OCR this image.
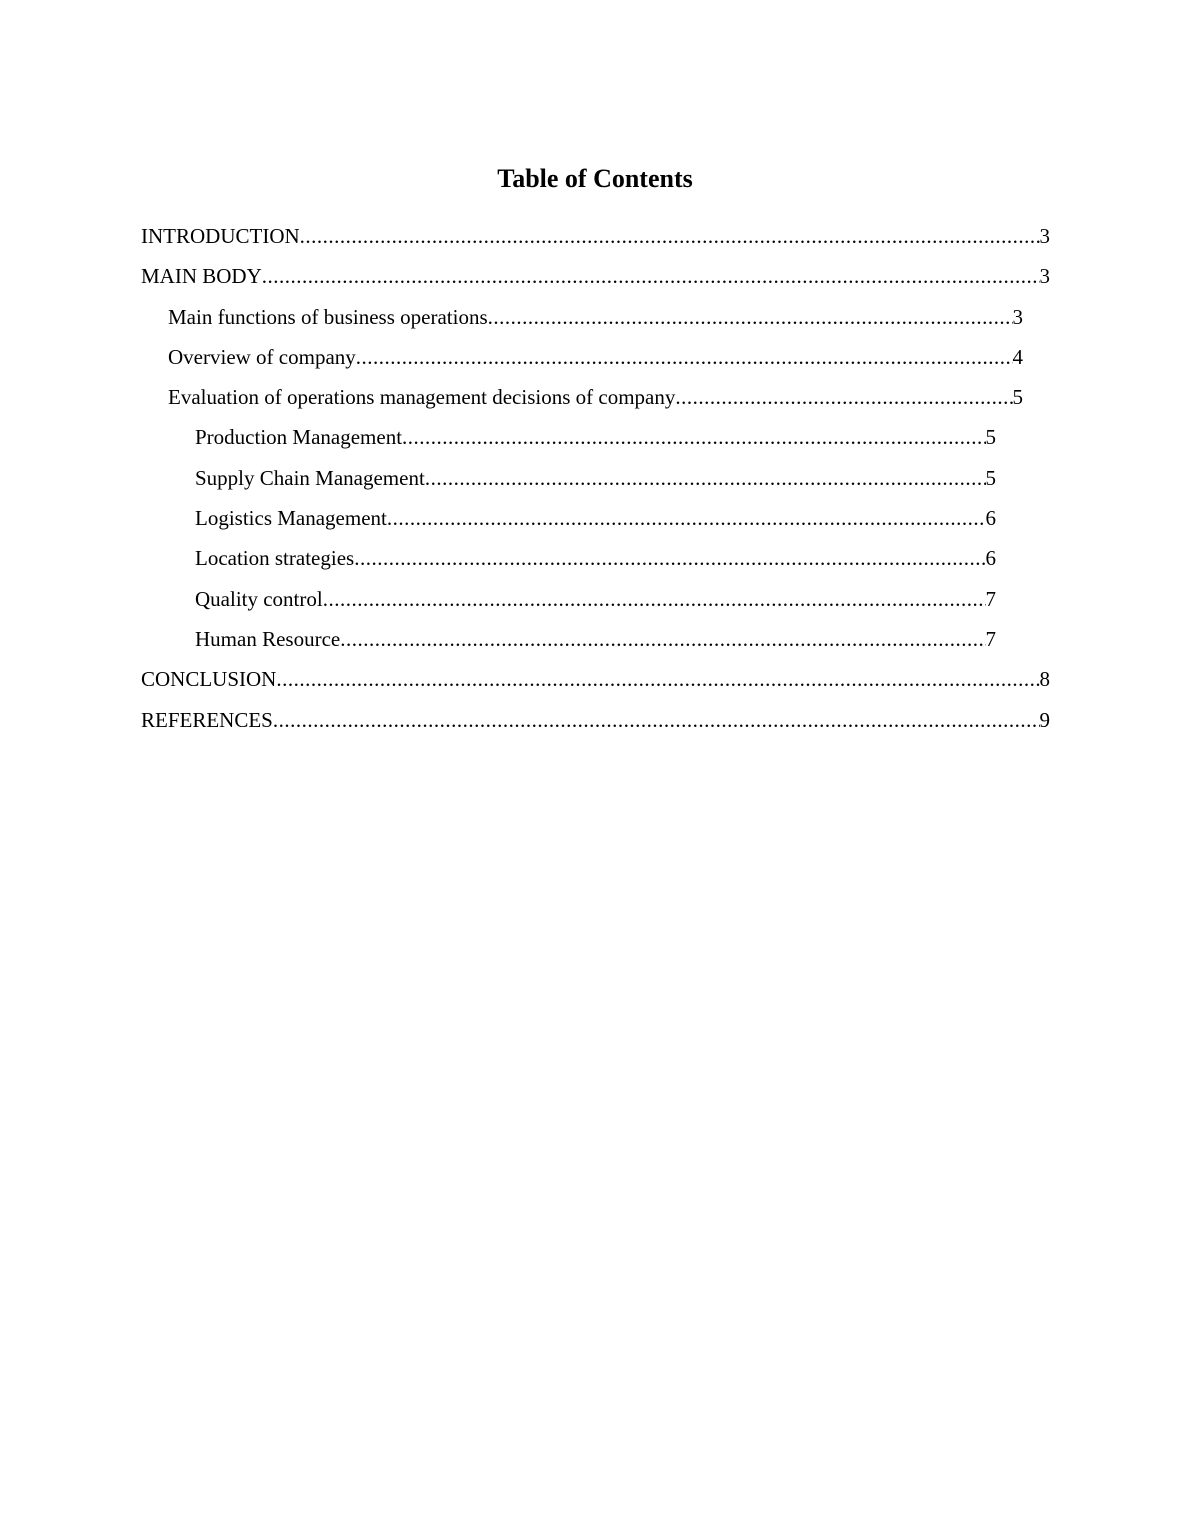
Table of Contents
INTRODUCTION .....	3
MAIN BODY .....	3
Main functions of business operations .....	3
Overview of company .....	4
Evaluation of operations management decisions of company .....	5
Production Management .....	5
Supply Chain Management .....	5
Logistics Management .....	6
Location strategies .....	6
Quality control .....	7
Human Resource .....	7
CONCLUSION .....	8
REFERENCES .....	9
